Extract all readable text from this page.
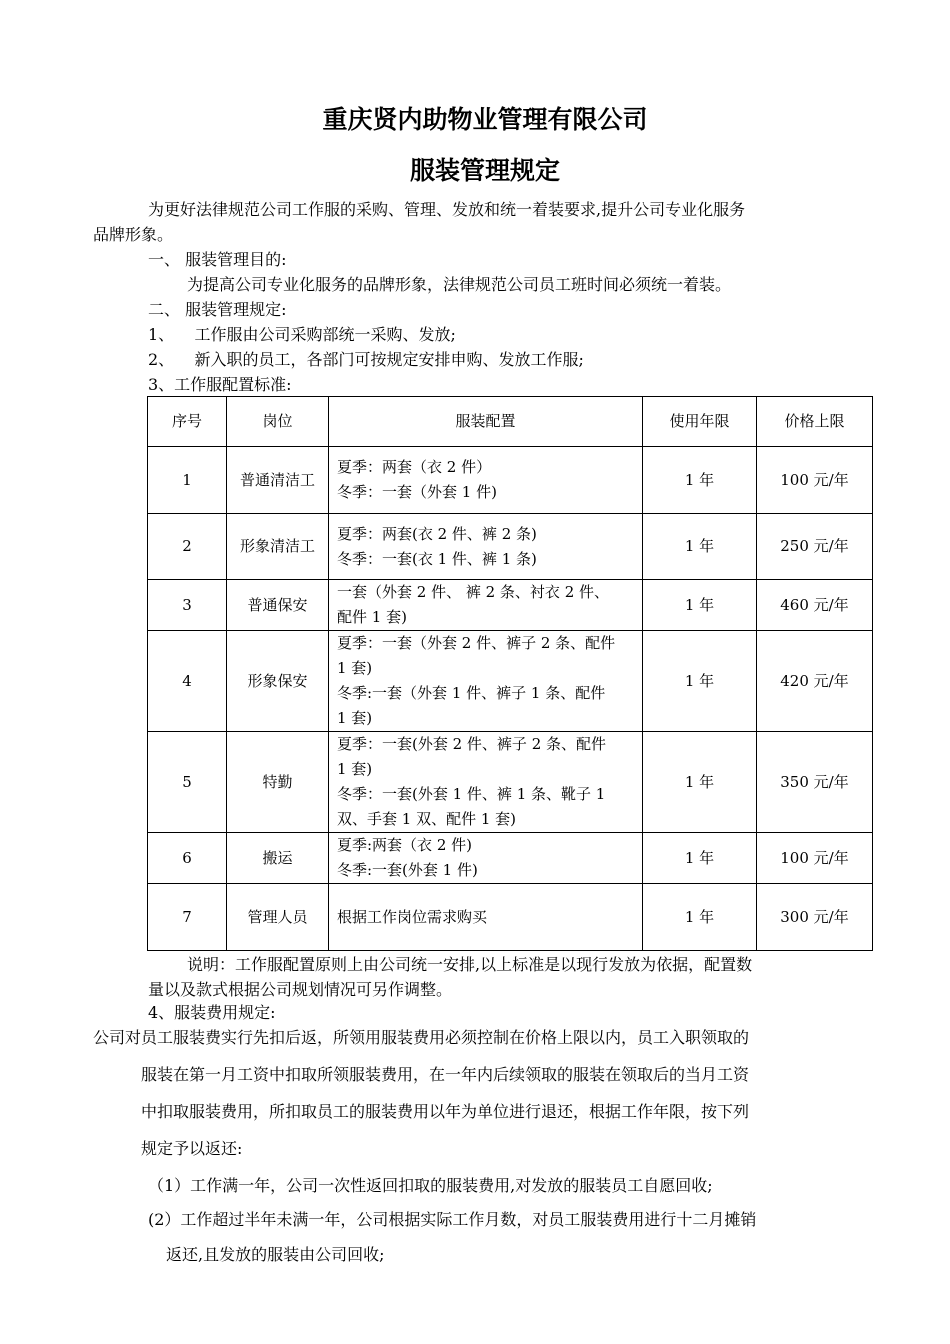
重庆贤内助物业管理有限公司
服装管理规定
为更好法律规范公司工作服的采购、管理、发放和统一着装要求,提升公司专业化服务
品牌形象。
一、 服装管理目的:
为提高公司专业化服务的品牌形象，法律规范公司员工班时间必须统一着装。
二、 服装管理规定:
1、    工作服由公司采购部统一采购、发放;
2、    新入职的员工，各部门可按规定安排申购、发放工作服;
3、工作服配置标准:
序号	岗位	服装配置	使用年限	价格上限
1	普通清洁工	夏季：两套（衣 2 件）
冬季：一套（外套 1 件)	1 年	100 元/年
2	形象清洁工	夏季：两套(衣 2 件、裤 2 条)
冬季：一套(衣 1 件、裤 1 条)	1 年	250 元/年
3	普通保安	一套（外套 2 件、 裤 2 条、衬衣 2 件、
配件 1 套)	1 年	460 元/年
4	形象保安	夏季：一套（外套 2 件、裤子 2 条、配件
1 套)
冬季:一套（外套 1 件、裤子 1 条、配件
1 套)	1 年	420 元/年
5	特勤	夏季：一套(外套 2 件、裤子 2 条、配件
1 套)
冬季：一套(外套 1 件、裤 1 条、靴子 1
双、手套 1 双、配件 1 套)	1 年	350 元/年
6	搬运	夏季:两套（衣 2 件)
冬季:一套(外套 1 件)	1 年	100 元/年
7	管理人员	根据工作岗位需求购买	1 年	300 元/年
说明：工作服配置原则上由公司统一安排,以上标准是以现行发放为依据，配置数
量以及款式根据公司规划情况可另作调整。
4、服装费用规定:
公司对员工服装费实行先扣后返，所领用服装费用必须控制在价格上限以内，员工入职领取的
服装在第一月工资中扣取所领服装费用，在一年内后续领取的服装在领取后的当月工资
中扣取服装费用，所扣取员工的服装费用以年为单位进行退还，根据工作年限，按下列
规定予以返还:
（1）工作满一年，公司一次性返回扣取的服装费用,对发放的服装员工自愿回收;
(2）工作超过半年未满一年，公司根据实际工作月数，对员工服装费用进行十二月摊销
返还,且发放的服装由公司回收;
